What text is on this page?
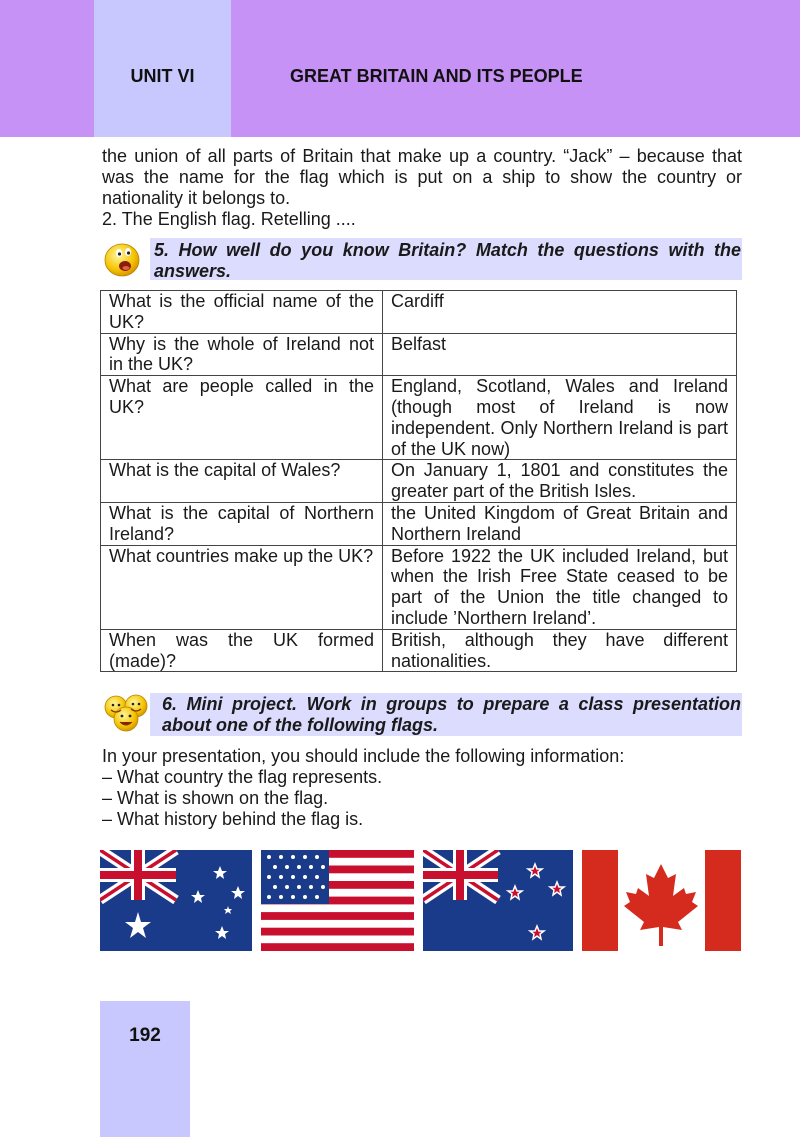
UNIT VI	GREAT BRITAIN AND ITS PEOPLE

the union of all parts of Britain that make up a country. “Jack” – because that was the name for the flag which is put on a ship to show the country or nationality it belongs to.

2. The English flag. Retelling ....

5. How well do you know Britain? Match the questions with the answers.

What is the official name of the UK?	Cardiff
Why is the whole of Ireland not in the UK?	Belfast
What are people called in the UK?	England, Scotland, Wales and Ireland (though most of Ireland is now independent. Only Northern Ireland is part of the UK now)
What is the capital of Wales?	On January 1, 1801 and constitutes the greater part of the British Isles.
What is the capital of Northern Ireland?	the United Kingdom of Great Britain and Northern Ireland
What countries make up the UK?	Before 1922 the UK included Ireland, but when the Irish Free State ceased to be part of the Union the title changed to include ’Northern Ireland’.
When was the UK formed (made)?	British, although they have different nationalities.

6. Mini project. Work in groups to prepare a class presentation about one of the following flags.

In your presentation, you should include the following information:

– What country the flag represents.

– What is shown on the flag.

– What history behind the flag is.

192
